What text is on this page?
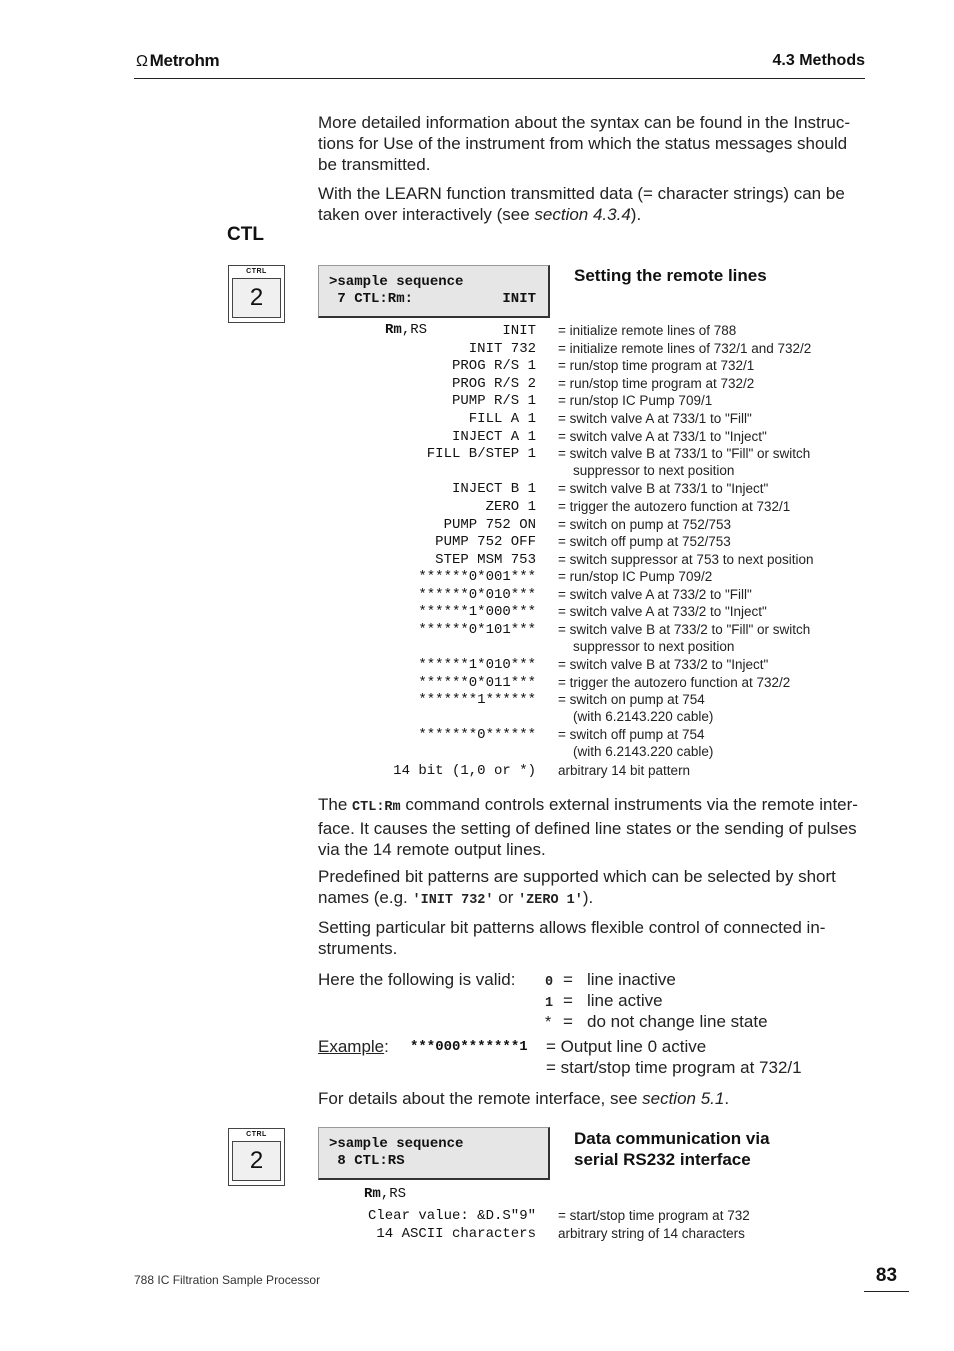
Ω Metrohm	4.3 Methods
More detailed information about the syntax can be found in the Instruc-
tions for Use of the instrument from which the status messages should
be transmitted.
With the LEARN function transmitted data (= character strings) can be
taken over interactively (see section 4.3.4).
CTL
CTRL
2
>sample sequence
7 CTL:Rm:	INIT
Setting the remote lines
Rm,RS	INIT = initialize remote lines of 788
INIT 732 = initialize remote lines of 732/1 and 732/2
PROG R/S 1 = run/stop time program at 732/1
PROG R/S 2 = run/stop time program at 732/2
PUMP R/S 1 = run/stop IC Pump 709/1
FILL A 1 = switch valve A at 733/1 to "Fill"
INJECT A 1 = switch valve A at 733/1 to "Inject"
FILL B/STEP 1 = switch valve B at 733/1 to "Fill" or switch
suppressor to next position
INJECT B 1 = switch valve B at 733/1 to "Inject"
ZERO 1 = trigger the autozero function at 732/1
PUMP 752 ON = switch on pump at 752/753
PUMP 752 OFF = switch off pump at 752/753
STEP MSM 753 = switch suppressor at 753 to next position
******0*001*** = run/stop IC Pump 709/2
******0*010*** = switch valve A at 733/2 to "Fill"
******1*000*** = switch valve A at 733/2 to "Inject"
******0*101*** = switch valve B at 733/2 to "Fill" or switch
suppressor to next position
******1*010*** = switch valve B at 733/2 to "Inject"
******0*011*** = trigger the autozero function at 732/2
*******1****** = switch on pump at 754
(with 6.2143.220 cable)
*******0****** = switch off pump at 754
(with 6.2143.220 cable)
14 bit (1,0 or *) arbitrary 14 bit pattern
The CTL:Rm command controls external instruments via the remote inter-
face. It causes the setting of defined line states or the sending of pulses
via the 14 remote output lines.
Predefined bit patterns are supported which can be selected by short
names (e.g. 'INIT 732' or 'ZERO 1').
Setting particular bit patterns allows flexible control of connected in-
struments.
Here the following is valid: 0 = line inactive
1 = line active
* = do not change line state
Example: ***000*******1 = Output line 0 active
= start/stop time program at 732/1
For details about the remote interface, see section 5.1.
CTRL
2
>sample sequence
8 CTL:RS
Data communication via
serial RS232 interface
Rm,RS
Clear value: &D.S"9" = start/stop time program at 732
14 ASCII characters arbitrary string of 14 characters
788 IC Filtration Sample Processor	83
